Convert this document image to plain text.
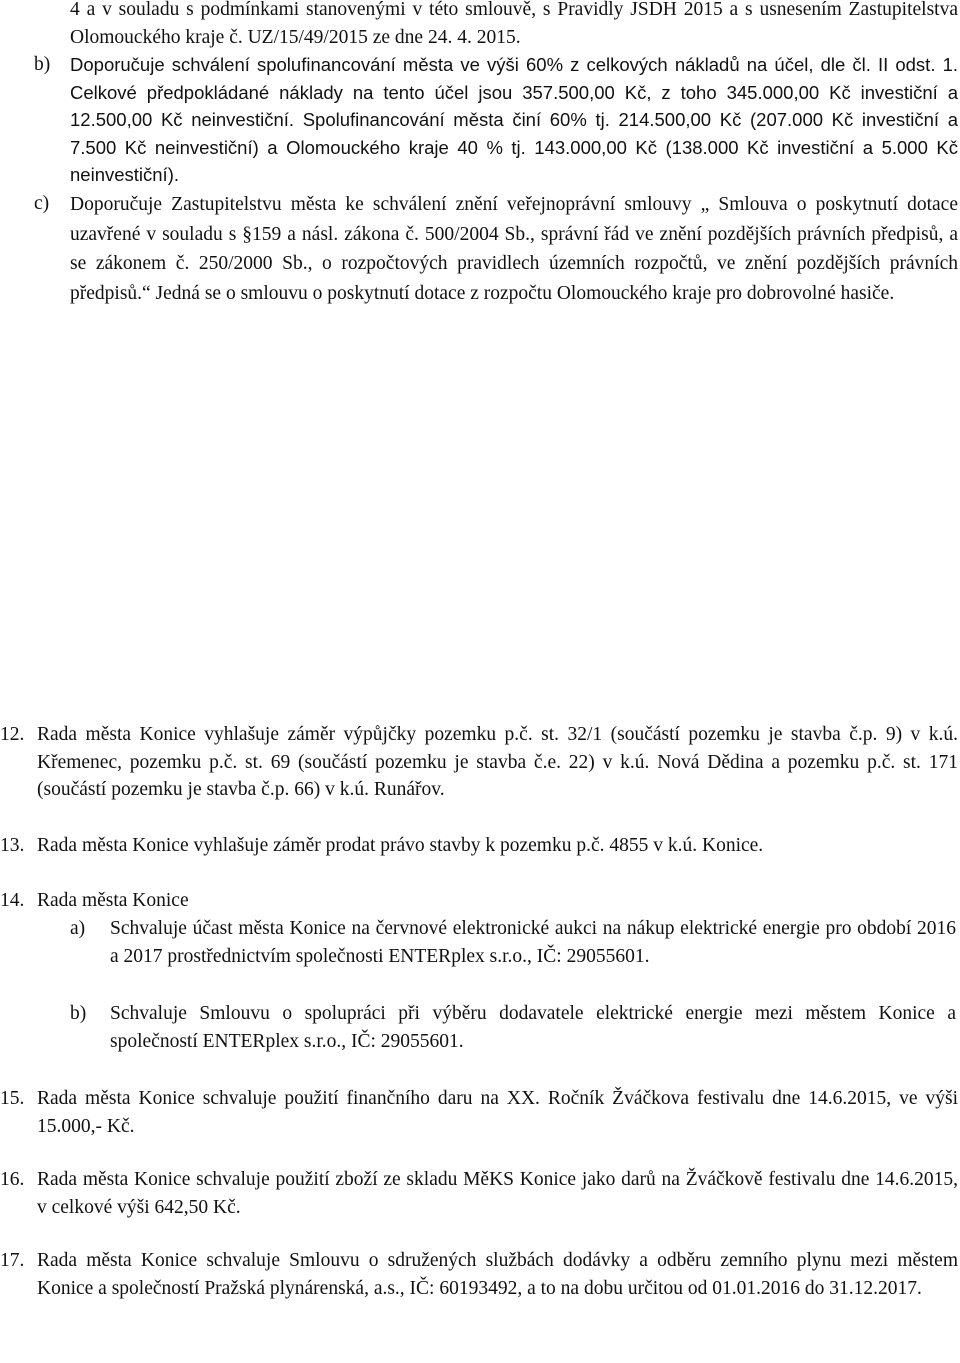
4 a v souladu s podmínkami stanovenými v této smlouvě, s Pravidly JSDH 2015 a s usnesením Zastupitelstva Olomouckého kraje č. UZ/15/49/2015 ze dne 24. 4. 2015.
b) Doporučuje schválení spolufinancování města ve výši 60% z celkových nákladů na účel, dle čl. II odst. 1. Celkové předpokládané náklady na tento účel jsou 357.500,00 Kč, z toho 345.000,00 Kč investiční a 12.500,00 Kč neinvestiční. Spolufinancování města činí 60% tj. 214.500,00 Kč (207.000 Kč investiční a 7.500 Kč neinvestiční) a Olomouckého kraje 40 % tj. 143.000,00 Kč (138.000 Kč investiční a 5.000 Kč neinvestiční).
c) Doporučuje Zastupitelstvu města ke schválení znění veřejnoprávní smlouvy „ Smlouva o poskytnutí dotace uzavřené v souladu s §159 a násl. zákona č. 500/2004 Sb., správní řád ve znění pozdějších právních předpisů, a se zákonem č. 250/2000 Sb., o rozpočtových pravidlech územních rozpočtů, ve znění pozdějších právních předpisů.“ Jedná se o smlouvu o poskytnutí dotace z rozpočtu Olomouckého kraje pro dobrovolné hasiče.
12. Rada města Konice vyhlašuje záměr výpůjčky pozemku p.č. st. 32/1 (součástí pozemku je stavba č.p. 9) v k.ú. Křemenec, pozemku p.č. st. 69 (součástí pozemku je stavba č.e. 22) v k.ú. Nová Dědina a pozemku p.č. st. 171 (součástí pozemku je stavba č.p. 66) v k.ú. Runářov.
13. Rada města Konice vyhlašuje záměr prodat právo stavby k pozemku p.č. 4855 v k.ú. Konice.
14. Rada města Konice
a) Schvaluje účast města Konice na červnové elektronické aukci na nákup elektrické energie pro období 2016 a 2017 prostřednictvím společnosti ENTERplex s.r.o., IČ: 29055601.
b) Schvaluje Smlouvu o spolupráci při výběru dodavatele elektrické energie mezi městem Konice a společností ENTERplex s.r.o., IČ: 29055601.
15. Rada města Konice schvaluje použití finančního daru na XX. Ročník Žváčkova festivalu dne 14.6.2015, ve výši 15.000,- Kč.
16. Rada města Konice schvaluje použití zboží ze skladu MěKS Konice jako darů na Žváčkově festivalu dne 14.6.2015, v celkové výši 642,50 Kč.
17. Rada města Konice schvaluje Smlouvu o sdružených službách dodávky a odběru zemního plynu mezi městem Konice a společností Pražská plynárenská, a.s., IČ: 60193492, a to na dobu určitou od 01.01.2016 do 31.12.2017.
